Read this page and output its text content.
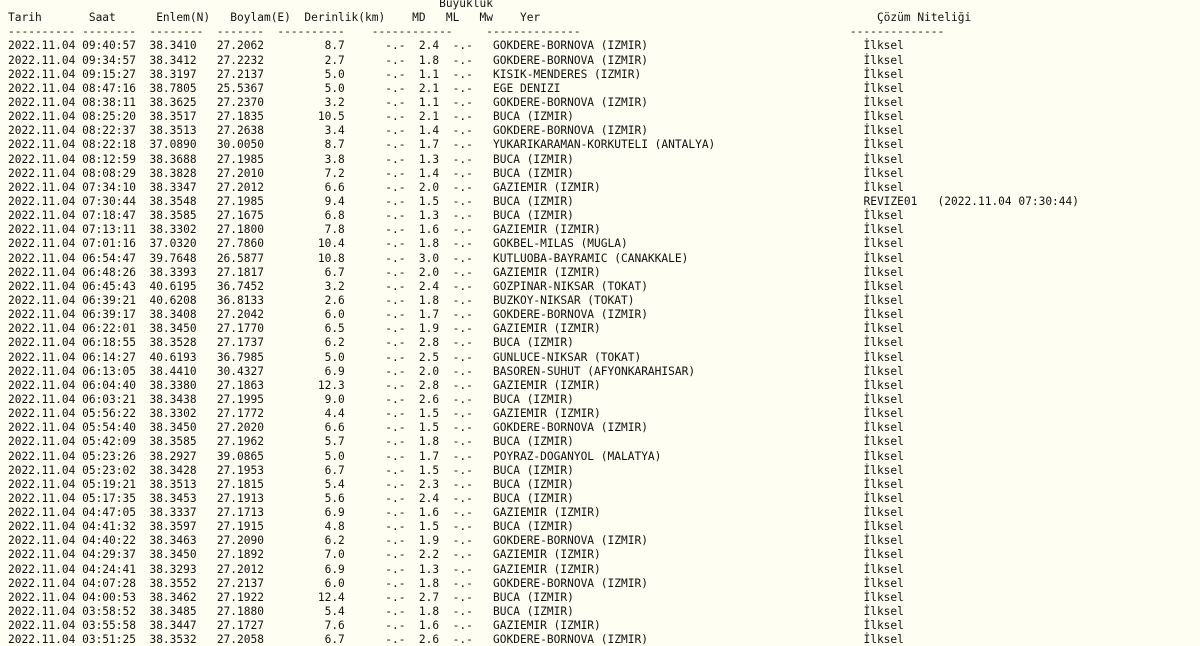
Büyüklük
Tarih       Saat      Enlem(N)   Boylam(E)  Derinlik(km)    MD   ML   Mw    Yer                                                  Çözüm Niteliği
---------- --------  --------  -------  ----------    ------------     --------------                                        --------------
2022.11.04 09:40:57  38.3410   27.2062         8.7      -.-  2.4  -.-   GOKDERE-BORNOVA (IZMIR)                                İlksel
2022.11.04 09:34:57  38.3412   27.2232         2.7      -.-  1.8  -.-   GOKDERE-BORNOVA (IZMIR)                                İlksel
2022.11.04 09:15:27  38.3197   27.2137         5.0      -.-  1.1  -.-   KISIK-MENDERES (IZMIR)                                 İlksel
2022.11.04 08:47:16  38.7805   25.5367         5.0      -.-  2.1  -.-   EGE DENIZI                                             İlksel
2022.11.04 08:38:11  38.3625   27.2370         3.2      -.-  1.1  -.-   GOKDERE-BORNOVA (IZMIR)                                İlksel
2022.11.04 08:25:20  38.3517   27.1835        10.5      -.-  2.1  -.-   BUCA (IZMIR)                                           İlksel
2022.11.04 08:22:37  38.3513   27.2638         3.4      -.-  1.4  -.-   GOKDERE-BORNOVA (IZMIR)                                İlksel
2022.11.04 08:22:18  37.0890   30.0050         8.7      -.-  1.7  -.-   YUKARIKARAMAN-KORKUTELI (ANTALYA)                      İlksel
2022.11.04 08:12:59  38.3688   27.1985         3.8      -.-  1.3  -.-   BUCA (IZMIR)                                           İlksel
2022.11.04 08:08:29  38.3828   27.2010         7.2      -.-  1.4  -.-   BUCA (IZMIR)                                           İlksel
2022.11.04 07:34:10  38.3347   27.2012         6.6      -.-  2.0  -.-   GAZIEMIR (IZMIR)                                       İlksel
2022.11.04 07:30:44  38.3548   27.1985         9.4      -.-  1.5  -.-   BUCA (IZMIR)                                           REVIZE01   (2022.11.04 07:30:44)
2022.11.04 07:18:47  38.3585   27.1675         6.8      -.-  1.3  -.-   BUCA (IZMIR)                                           İlksel
2022.11.04 07:13:11  38.3302   27.1800         7.8      -.-  1.6  -.-   GAZIEMIR (IZMIR)                                       İlksel
2022.11.04 07:01:16  37.0320   27.7860        10.4      -.-  1.8  -.-   GOKBEL-MILAS (MUGLA)                                   İlksel
2022.11.04 06:54:47  39.7648   26.5877        10.8      -.-  3.0  -.-   KUTLUOBA-BAYRAMIC (CANAKKALE)                          İlksel
2022.11.04 06:48:26  38.3393   27.1817         6.7      -.-  2.0  -.-   GAZIEMIR (IZMIR)                                       İlksel
2022.11.04 06:45:43  40.6195   36.7452         3.2      -.-  2.4  -.-   GOZPINAR-NIKSAR (TOKAT)                                İlksel
2022.11.04 06:39:21  40.6208   36.8133         2.6      -.-  1.8  -.-   BUZKOY-NIKSAR (TOKAT)                                  İlksel
2022.11.04 06:39:17  38.3408   27.2042         6.0      -.-  1.7  -.-   GOKDERE-BORNOVA (IZMIR)                                İlksel
2022.11.04 06:22:01  38.3450   27.1770         6.5      -.-  1.9  -.-   GAZIEMIR (IZMIR)                                       İlksel
2022.11.04 06:18:55  38.3528   27.1737         6.2      -.-  2.8  -.-   BUCA (IZMIR)                                           İlksel
2022.11.04 06:14:27  40.6193   36.7985         5.0      -.-  2.5  -.-   GUNLUCE-NIKSAR (TOKAT)                                 İlksel
2022.11.04 06:13:05  38.4410   30.4327         6.9      -.-  2.0  -.-   BASOREN-SUHUT (AFYONKARAHISAR)                         İlksel
2022.11.04 06:04:40  38.3380   27.1863        12.3      -.-  2.8  -.-   GAZIEMIR (IZMIR)                                       İlksel
2022.11.04 06:03:21  38.3438   27.1995         9.0      -.-  2.6  -.-   BUCA (IZMIR)                                           İlksel
2022.11.04 05:56:22  38.3302   27.1772         4.4      -.-  1.5  -.-   GAZIEMIR (IZMIR)                                       İlksel
2022.11.04 05:54:40  38.3450   27.2020         6.6      -.-  1.5  -.-   GOKDERE-BORNOVA (IZMIR)                                İlksel
2022.11.04 05:42:09  38.3585   27.1962         5.7      -.-  1.8  -.-   BUCA (IZMIR)                                           İlksel
2022.11.04 05:23:26  38.2927   39.0865         5.0      -.-  1.7  -.-   POYRAZ-DOGANYOL (MALATYA)                              İlksel
2022.11.04 05:23:02  38.3428   27.1953         6.7      -.-  1.5  -.-   BUCA (IZMIR)                                           İlksel
2022.11.04 05:19:21  38.3513   27.1815         5.4      -.-  2.3  -.-   BUCA (IZMIR)                                           İlksel
2022.11.04 05:17:35  38.3453   27.1913         5.6      -.-  2.4  -.-   BUCA (IZMIR)                                           İlksel
2022.11.04 04:47:05  38.3337   27.1713         6.9      -.-  1.6  -.-   GAZIEMIR (IZMIR)                                       İlksel
2022.11.04 04:41:32  38.3597   27.1915         4.8      -.-  1.5  -.-   BUCA (IZMIR)                                           İlksel
2022.11.04 04:40:22  38.3463   27.2090         6.2      -.-  1.9  -.-   GOKDERE-BORNOVA (IZMIR)                                İlksel
2022.11.04 04:29:37  38.3450   27.1892         7.0      -.-  2.2  -.-   GAZIEMIR (IZMIR)                                       İlksel
2022.11.04 04:24:41  38.3293   27.2012         6.9      -.-  1.3  -.-   GAZIEMIR (IZMIR)                                       İlksel
2022.11.04 04:07:28  38.3552   27.2137         6.0      -.-  1.8  -.-   GOKDERE-BORNOVA (IZMIR)                                İlksel
2022.11.04 04:00:53  38.3462   27.1922        12.4      -.-  2.7  -.-   BUCA (IZMIR)                                           İlksel
2022.11.04 03:58:52  38.3485   27.1880         5.4      -.-  1.8  -.-   BUCA (IZMIR)                                           İlksel
2022.11.04 03:55:58  38.3447   27.1727         7.6      -.-  1.6  -.-   GAZIEMIR (IZMIR)                                       İlksel
2022.11.04 03:51:25  38.3532   27.2058         6.7      -.-  2.6  -.-   GOKDERE-BORNOVA (IZMIR)                                İlksel
